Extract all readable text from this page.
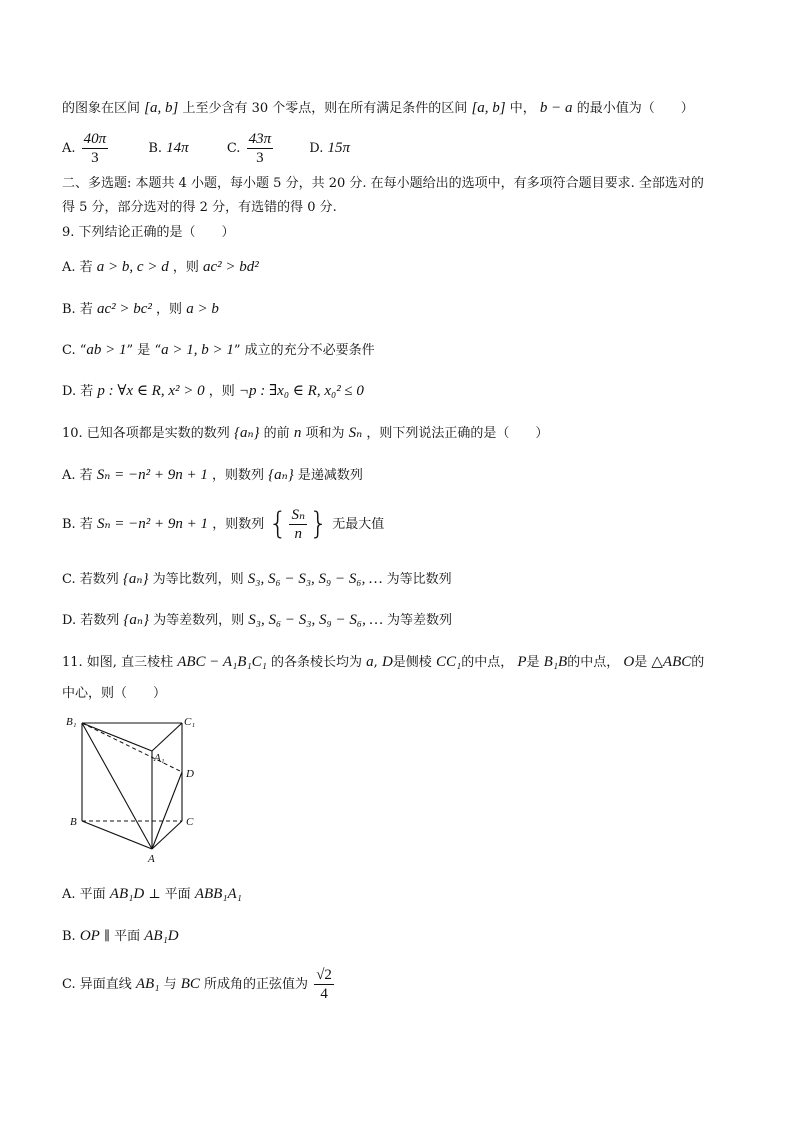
的图象在区间 [a, b] 上至少含有 30 个零点，则在所有满足条件的区间 [a, b] 中， b − a 的最小值为（　　）
A. $\frac{40\pi}{3}$	B. 14π	C. $\frac{43\pi}{3}$	D. 15π
二、多选题: 本题共 4 小题，每小题 5 分，共 20 分. 在每小题给出的选项中，有多项符合题目要求. 全部选对的
得 5 分，部分选对的得 2 分，有选错的得 0 分.
9. 下列结论正确的是（　　）
A. 若 a > b, c > d ，则 ac² > bd²
B. 若 ac² > bc² ，则 a > b
C. “ab > 1” 是 “a > 1, b > 1” 成立的充分不必要条件
D. 若 p : ∀x ∈ R, x² > 0 ，则 ¬p : ∃x₀ ∈ R, x₀² ≤ 0
10. 已知各项都是实数的数列 {aₙ} 的前 n 项和为 Sₙ ，则下列说法正确的是（　　）
A. 若 Sₙ = −n² + 9n + 1 ，则数列 {aₙ} 是递减数列
B. 若 Sₙ = −n² + 9n + 1 ，则数列 { $\frac{\text{Sₙ}}{n}$ } 无最大值
C. 若数列 {aₙ} 为等比数列，则 S₃, S₆ − S₃, S₉ − S₆, … 为等比数列
D. 若数列 {aₙ} 为等差数列，则 S₃, S₆ − S₃, S₉ − S₆, … 为等差数列
11. 如图, 直三棱柱 ABC − A₁B₁C₁ 的各条棱长均为 a, D是侧棱 CC₁的中点， P是 B₁B的中点， O是 △ABC的
中心，则（　　）
B₁	C₁
A₁
D
B	C
A
A. 平面 AB₁D ⊥ 平面 ABB₁A₁
B. OP ∥ 平面 AB₁D
C. 异面直线 AB₁ 与 BC 所成角的正弦值为 $\frac{√2}{4}$
